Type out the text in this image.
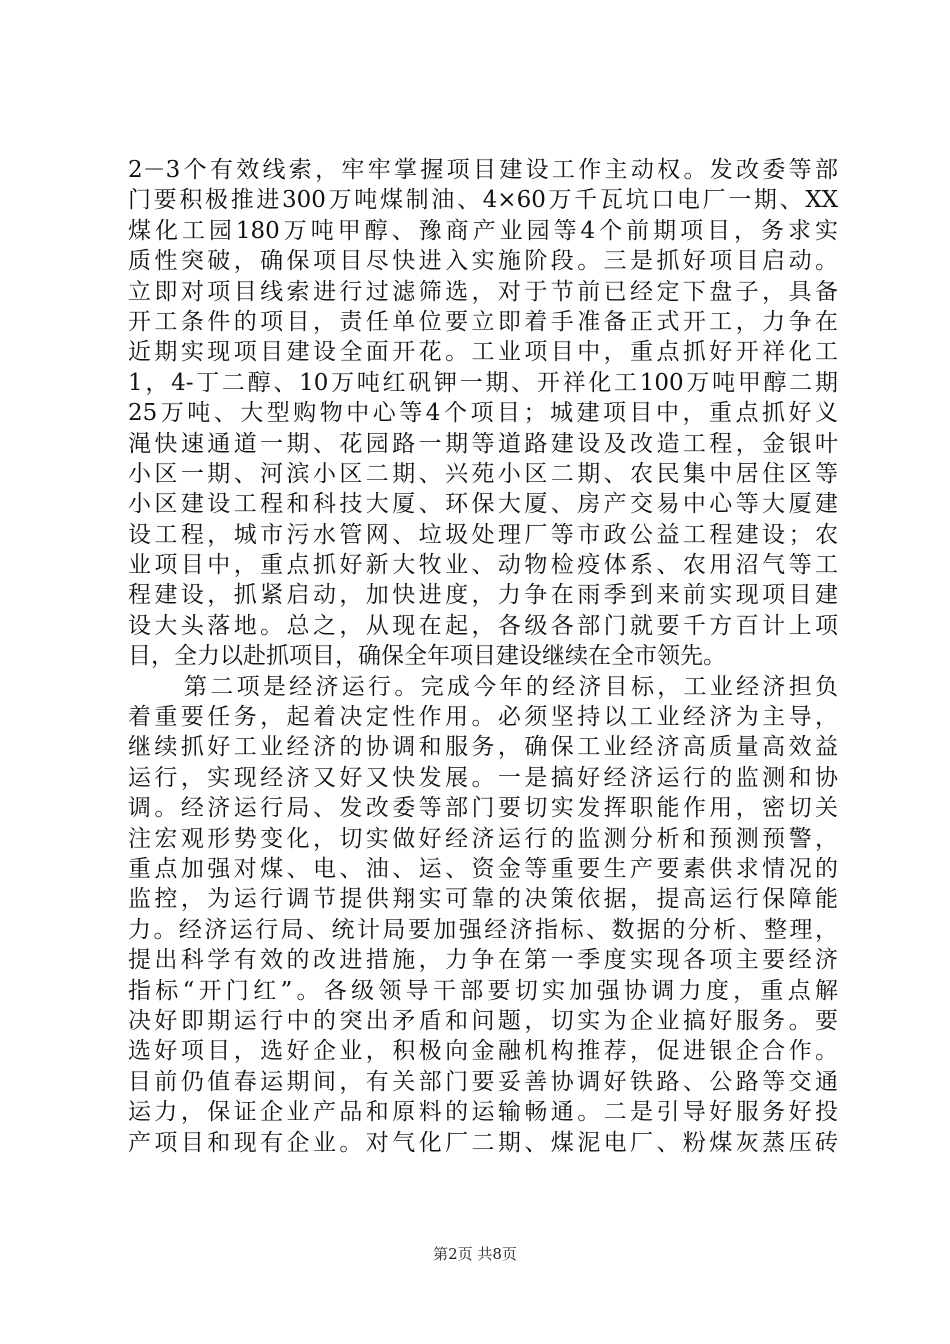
2－3个有效线索，牢牢掌握项目建设工作主动权。发改委等部
门要积极推进300万吨煤制油、4×60万千瓦坑口电厂一期、XX
煤化工园180万吨甲醇、豫商产业园等4个前期项目，务求实
质性突破，确保项目尽快进入实施阶段。三是抓好项目启动。
立即对项目线索进行过滤筛选，对于节前已经定下盘子，具备
开工条件的项目，责任单位要立即着手准备正式开工，力争在
近期实现项目建设全面开花。工业项目中，重点抓好开祥化工
1，4-丁二醇、10万吨红矾钾一期、开祥化工100万吨甲醇二期
25万吨、大型购物中心等4个项目；城建项目中，重点抓好义
渑快速通道一期、花园路一期等道路建设及改造工程，金银叶
小区一期、河滨小区二期、兴苑小区二期、农民集中居住区等
小区建设工程和科技大厦、环保大厦、房产交易中心等大厦建
设工程，城市污水管网、垃圾处理厂等市政公益工程建设；农
业项目中，重点抓好新大牧业、动物检疫体系、农用沼气等工
程建设，抓紧启动，加快进度，力争在雨季到来前实现项目建
设大头落地。总之，从现在起，各级各部门就要千方百计上项
目，全力以赴抓项目，确保全年项目建设继续在全市领先。
第二项是经济运行。完成今年的经济目标，工业经济担负
着重要任务，起着决定性作用。必须坚持以工业经济为主导，
继续抓好工业经济的协调和服务，确保工业经济高质量高效益
运行，实现经济又好又快发展。一是搞好经济运行的监测和协
调。经济运行局、发改委等部门要切实发挥职能作用，密切关
注宏观形势变化，切实做好经济运行的监测分析和预测预警，
重点加强对煤、电、油、运、资金等重要生产要素供求情况的
监控，为运行调节提供翔实可靠的决策依据，提高运行保障能
力。经济运行局、统计局要加强经济指标、数据的分析、整理，
提出科学有效的改进措施，力争在第一季度实现各项主要经济
指标“开门红”。各级领导干部要切实加强协调力度，重点解
决好即期运行中的突出矛盾和问题，切实为企业搞好服务。要
选好项目，选好企业，积极向金融机构推荐，促进银企合作。
目前仍值春运期间，有关部门要妥善协调好铁路、公路等交通
运力，保证企业产品和原料的运输畅通。二是引导好服务好投
产项目和现有企业。对气化厂二期、煤泥电厂、粉煤灰蒸压砖
第2页 共8页
